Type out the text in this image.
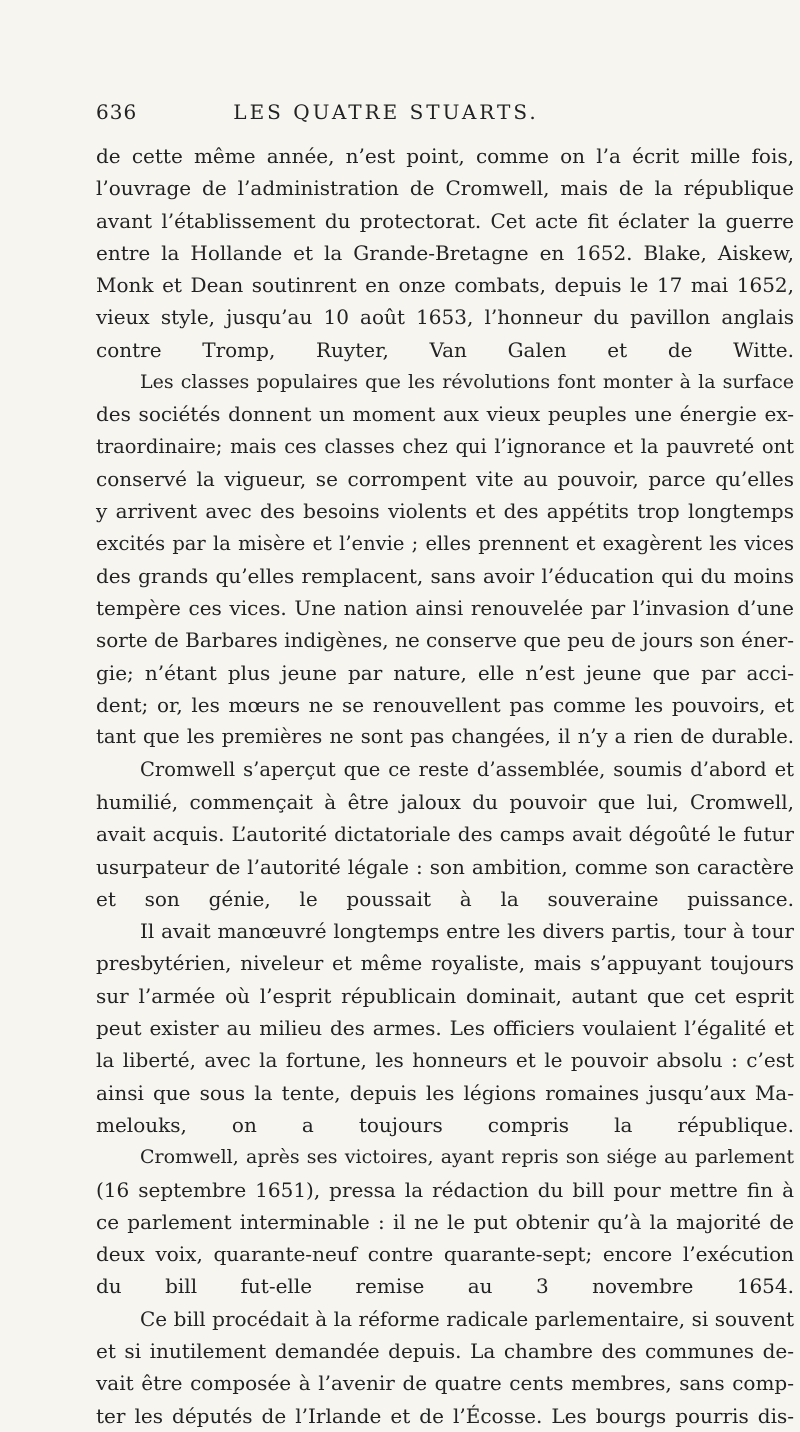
636	LES QUATRE STUARTS.
de cette même année, n’est point, comme on l’a écrit mille fois,
l’ouvrage de l’administration de Cromwell, mais de la république
avant l’établissement du protectorat. Cet acte fit éclater la guerre
entre la Hollande et la Grande-Bretagne en 1652. Blake, Aiskew,
Monk et Dean soutinrent en onze combats, depuis le 17 mai 1652,
vieux style, jusqu’au 10 août 1653, l’honneur du pavillon anglais
contre Tromp, Ruyter, Van Galen et de Witte.
Les classes populaires que les révolutions font monter à la surface
des sociétés donnent un moment aux vieux peuples une énergie ex-
traordinaire; mais ces classes chez qui l’ignorance et la pauvreté ont
conservé la vigueur, se corrompent vite au pouvoir, parce qu’elles
y arrivent avec des besoins violents et des appétits trop longtemps
excités par la misère et l’envie ; elles prennent et exagèrent les vices
des grands qu’elles remplacent, sans avoir l’éducation qui du moins
tempère ces vices. Une nation ainsi renouvelée par l’invasion d’une
sorte de Barbares indigènes, ne conserve que peu de jours son éner-
gie; n’étant plus jeune par nature, elle n’est jeune que par acci-
dent; or, les mœurs ne se renouvellent pas comme les pouvoirs, et
tant que les premières ne sont pas changées, il n’y a rien de durable.
Cromwell s’aperçut que ce reste d’assemblée, soumis d’abord et
humilié, commençait à être jaloux du pouvoir que lui, Cromwell,
avait acquis. L’autorité dictatoriale des camps avait dégoûté le futur
usurpateur de l’autorité légale : son ambition, comme son caractère
et son génie, le poussait à la souveraine puissance.
Il avait manœuvré longtemps entre les divers partis, tour à tour
presbytérien, niveleur et même royaliste, mais s’appuyant toujours
sur l’armée où l’esprit républicain dominait, autant que cet esprit
peut exister au milieu des armes. Les officiers voulaient l’égalité et
la liberté, avec la fortune, les honneurs et le pouvoir absolu : c’est
ainsi que sous la tente, depuis les légions romaines jusqu’aux Ma-
melouks, on a toujours compris la république.
Cromwell, après ses victoires, ayant repris son siége au parlement
(16 septembre 1651), pressa la rédaction du bill pour mettre fin à
ce parlement interminable : il ne le put obtenir qu’à la majorité de
deux voix, quarante-neuf contre quarante-sept; encore l’exécution
du bill fut-elle remise au 3 novembre 1654.
Ce bill procédait à la réforme radicale parlementaire, si souvent
et si inutilement demandée depuis. La chambre des communes de-
vait être composée à l’avenir de quatre cents membres, sans comp-
ter les députés de l’Irlande et de l’Écosse. Les bourgs pourris dis-
